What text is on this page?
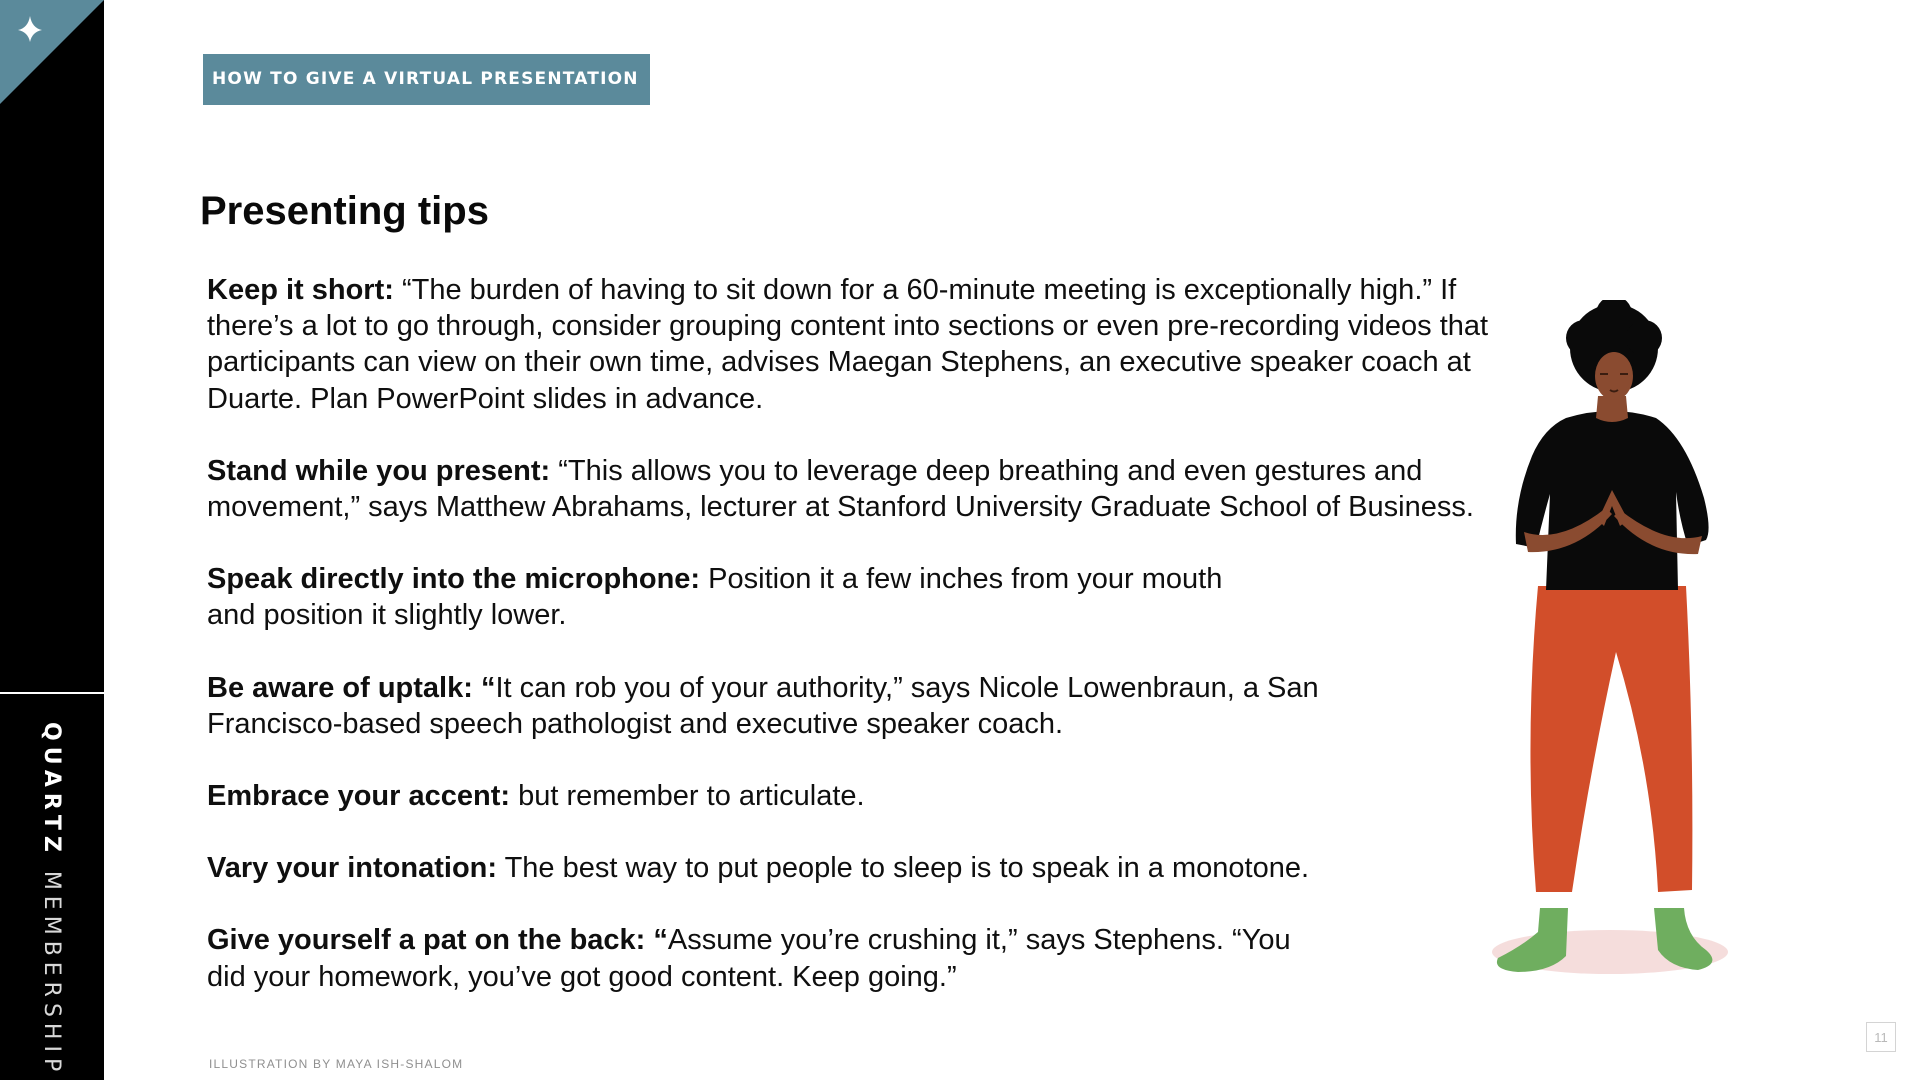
QUARTZ MEMBERSHIP
HOW TO GIVE A VIRTUAL PRESENTATION
Presenting tips

Keep it short: “The burden of having to sit down for a 60-minute meeting is exceptionally high.” If there’s a lot to go through, consider grouping content into sections or even pre-recording videos that participants can view on their own time, advises Maegan Stephens, an executive speaker coach at Duarte. Plan PowerPoint slides in advance.

Stand while you present: “This allows you to leverage deep breathing and even gestures and movement,” says Matthew Abrahams, lecturer at Stanford University Graduate School of Business.

Speak directly into the microphone: Position it a few inches from your mouth and position it slightly lower.

Be aware of uptalk: “It can rob you of your authority,” says Nicole Lowenbraun, a San Francisco-based speech pathologist and executive speaker coach.

Embrace your accent: but remember to articulate.

Vary your intonation: The best way to put people to sleep is to speak in a monotone.

Give yourself a pat on the back: “Assume you’re crushing it,” says Stephens. “You did your homework, you’ve got good content. Keep going.”

ILLUSTRATION BY MAYA ISH-SHALOM
11
